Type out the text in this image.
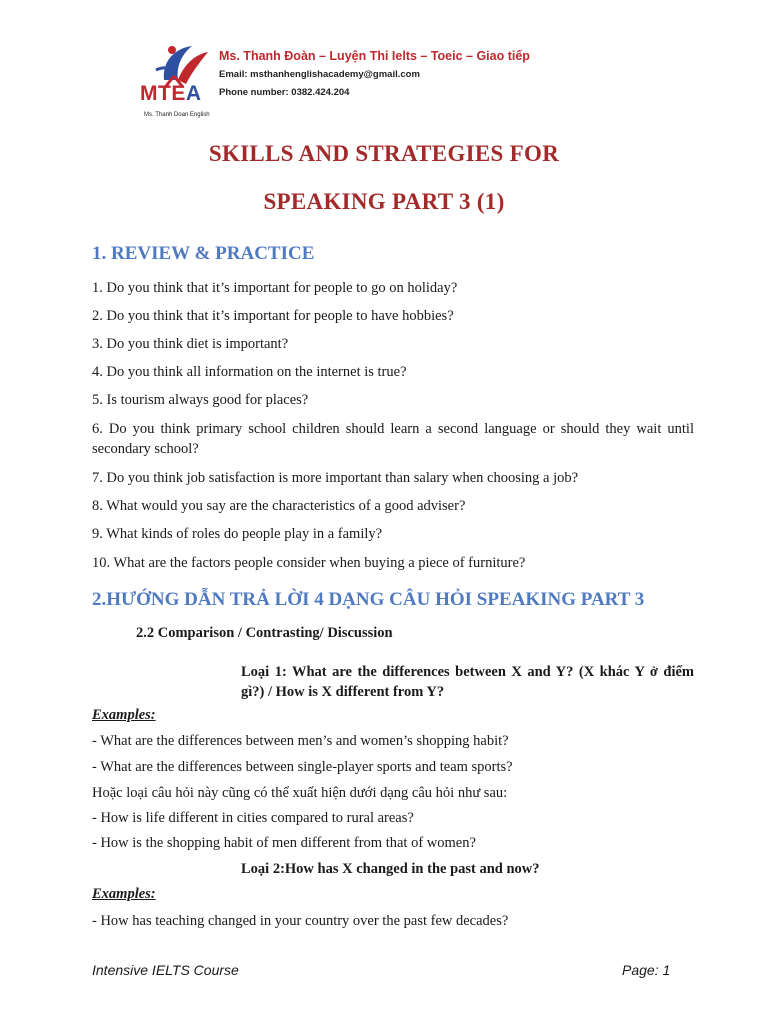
MTEA
Ms. Thanh Doan English
Ms. Thanh Đoàn – Luyện Thi Ielts – Toeic – Giao tiếp
Email: msthanhenglishacademy@gmail.com
Phone number: 0382.424.204
SKILLS AND STRATEGIES FOR
SPEAKING PART 3 (1)
1. REVIEW & PRACTICE
1. Do you think that it’s important for people to go on holiday?
2. Do you think that it’s important for people to have hobbies?
3. Do you think diet is important?
4. Do you think all information on the internet is true?
5. Is tourism always good for places?
6. Do you think primary school children should learn a second language or should they wait until secondary school?
7. Do you think job satisfaction is more important than salary when choosing a job?
8. What would you say are the characteristics of a good adviser?
9. What kinds of roles do people play in a family?
10. What are the factors people consider when buying a piece of furniture?
2.HƯỚNG DẪN TRẢ LỜI 4 DẠNG CÂU HỎI SPEAKING PART 3
2.2 Comparison / Contrasting/ Discussion
Loại 1: What are the differences between X and Y? (X khác Y ở điểm gì?) / How is X different from Y?
Examples:
- What are the differences between men’s and women’s shopping habit?
- What are the differences between single-player sports and team sports?
Hoặc loại câu hỏi này cũng có thể xuất hiện dưới dạng câu hỏi như sau:
- How is life different in cities compared to rural areas?
- How is the shopping habit of men different from that of women?
Loại 2:How has X changed in the past and now?
Examples:
- How has teaching changed in your country over the past few decades?
Intensive IELTS Course	Page: 1
